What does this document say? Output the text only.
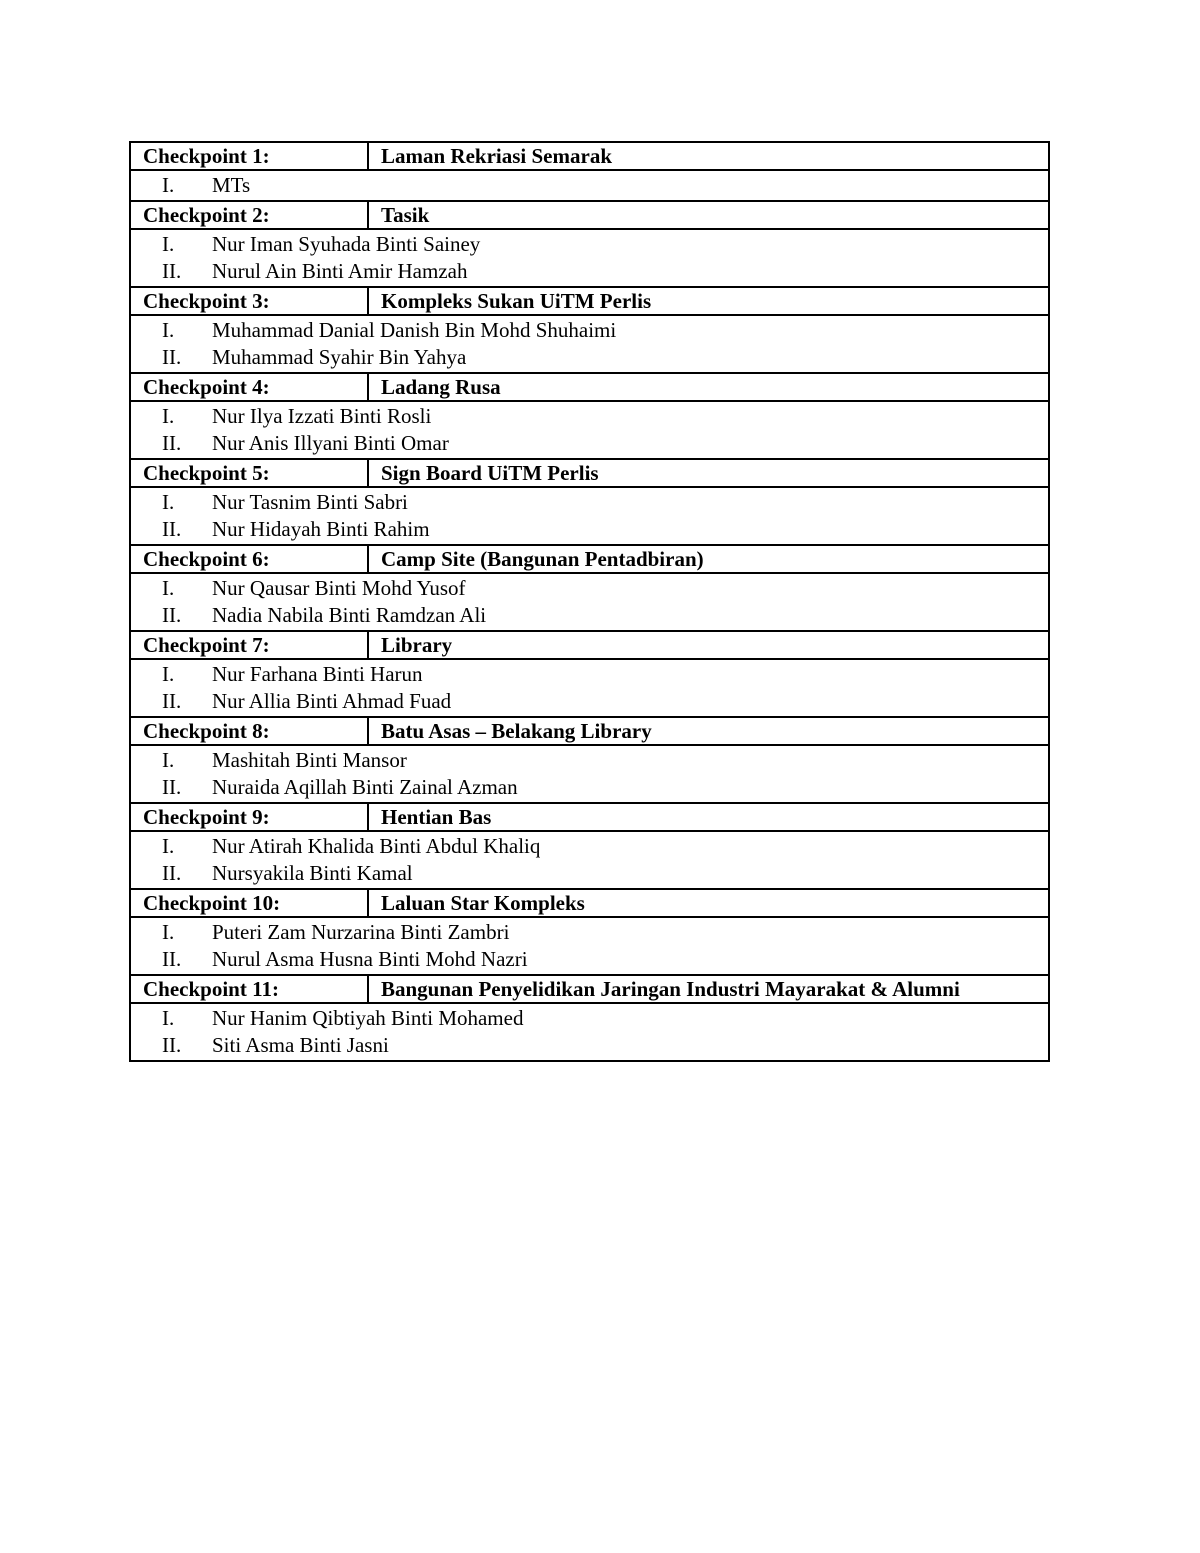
Checkpoint 1:	Laman Rekriasi Semarak

I. MTs	

Checkpoint 2:	Tasik

I. Nur Iman Syuhada Binti Sainey
II. Nurul Ain Binti Amir Hamzah	

Checkpoint 3:	Kompleks Sukan UiTM Perlis

I. Muhammad Danial Danish Bin Mohd Shuhaimi
II. Muhammad Syahir Bin Yahya	

Checkpoint 4:	Ladang Rusa

I. Nur Ilya Izzati Binti Rosli
II. Nur Anis Illyani Binti Omar	

Checkpoint 5:	Sign Board UiTM Perlis

I. Nur Tasnim Binti Sabri
II. Nur Hidayah Binti Rahim	

Checkpoint 6:	Camp Site (Bangunan Pentadbiran)

I. Nur Qausar Binti Mohd Yusof
II. Nadia Nabila Binti Ramdzan Ali	

Checkpoint 7:	Library

I. Nur Farhana Binti Harun
II. Nur Allia Binti Ahmad Fuad	

Checkpoint 8:	Batu Asas – Belakang Library

I. Mashitah Binti Mansor
II. Nuraida Aqillah Binti Zainal Azman	

Checkpoint 9:	Hentian Bas

I. Nur Atirah Khalida Binti Abdul Khaliq
II. Nursyakila Binti Kamal	

Checkpoint 10:	Laluan Star Kompleks

I. Puteri Zam Nurzarina Binti Zambri
II. Nurul Asma Husna Binti Mohd Nazri	

Checkpoint 11:	Bangunan Penyelidikan Jaringan Industri Mayarakat & Alumni

I. Nur Hanim Qibtiyah Binti Mohamed
II. Siti Asma Binti Jasni	
